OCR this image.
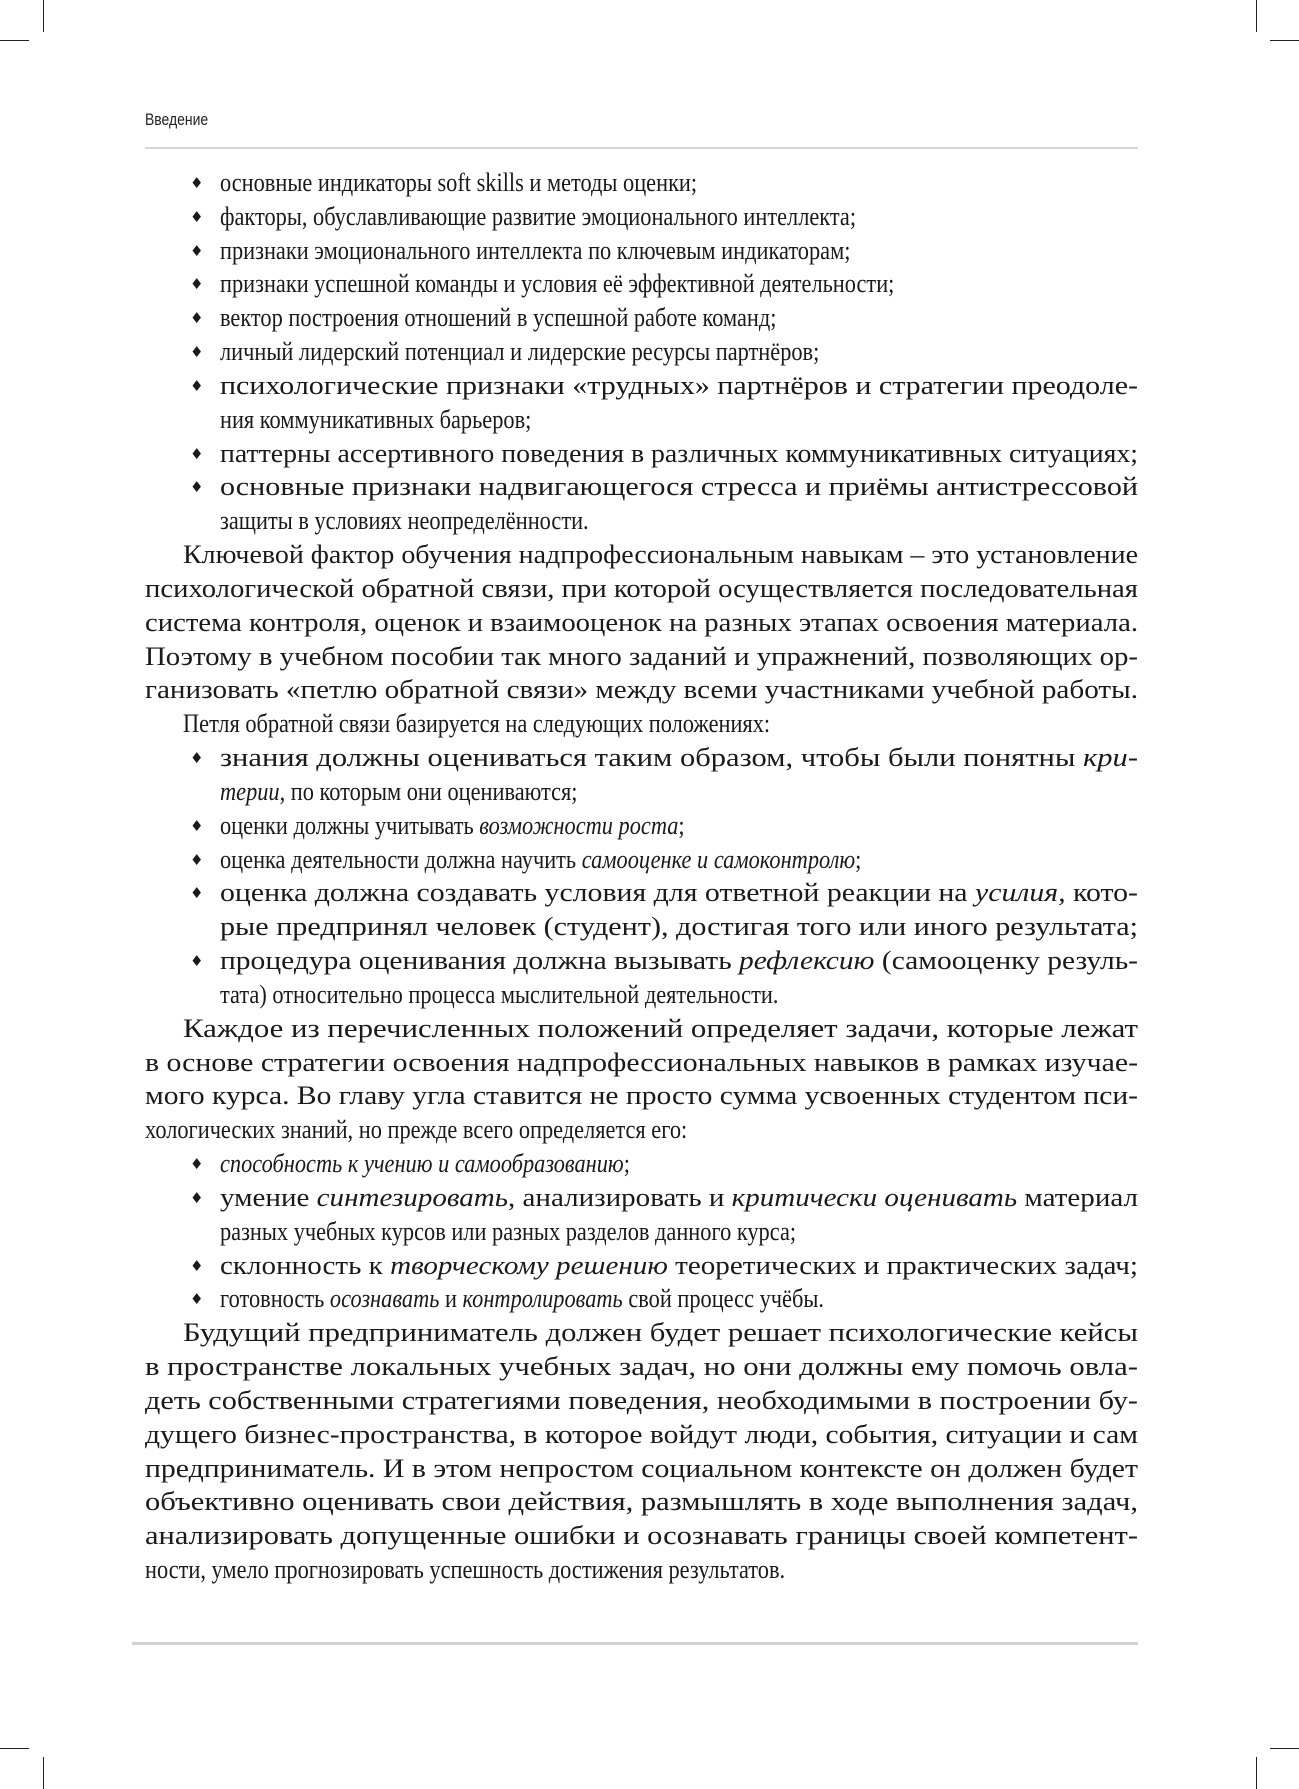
Введение
♦ основные индикаторы soft skills и методы оценки;
♦ факторы, обуславливающие развитие эмоционального интеллекта;
♦ признаки эмоционального интеллекта по ключевым индикаторам;
♦ признаки успешной команды и условия её эффективной деятельности;
♦ вектор построения отношений в успешной работе команд;
♦ личный лидерский потенциал и лидерские ресурсы партнёров;
♦ психологические признаки «трудных» партнёров и стратегии преодоле-
ния коммуникативных барьеров;
♦ паттерны ассертивного поведения в различных коммуникативных ситуациях;
♦ основные признаки надвигающегося стресса и приёмы антистрессовой
защиты в условиях неопределённости.
Ключевой фактор обучения надпрофессиональным навыкам – это установление
психологической обратной связи, при которой осуществляется последовательная
система контроля, оценок и взаимооценок на разных этапах освоения материала.
Поэтому в учебном пособии так много заданий и упражнений, позволяющих ор-
ганизовать «петлю обратной связи» между всеми участниками учебной работы.
Петля обратной связи базируется на следующих положениях:
♦ знания должны оцениваться таким образом, чтобы были понятны кри-
терии, по которым они оцениваются;
♦ оценки должны учитывать возможности роста;
♦ оценка деятельности должна научить самооценке и самоконтролю;
♦ оценка должна создавать условия для ответной реакции на усилия, кото-
рые предпринял человек (студент), достигая того или иного результата;
♦ процедура оценивания должна вызывать рефлексию (самооценку резуль-
тата) относительно процесса мыслительной деятельности.
Каждое из перечисленных положений определяет задачи, которые лежат
в основе стратегии освоения надпрофессиональных навыков в рамках изучае-
мого курса. Во главу угла ставится не просто сумма усвоенных студентом пси-
хологических знаний, но прежде всего определяется его:
♦ способность к учению и самообразованию;
♦ умение синтезировать, анализировать и критически оценивать материал
разных учебных курсов или разных разделов данного курса;
♦ склонность к творческому решению теоретических и практических задач;
♦ готовность осознавать и контролировать свой процесс учёбы.
Будущий предприниматель должен будет решает психологические кейсы
в пространстве локальных учебных задач, но они должны ему помочь овла-
деть собственными стратегиями поведения, необходимыми в построении бу-
дущего бизнес-пространства, в которое войдут люди, события, ситуации и сам
предприниматель. И в этом непростом социальном контексте он должен будет
объективно оценивать свои действия, размышлять в ходе выполнения задач,
анализировать допущенные ошибки и осознавать границы своей компетент-
ности, умело прогнозировать успешность достижения результатов.
